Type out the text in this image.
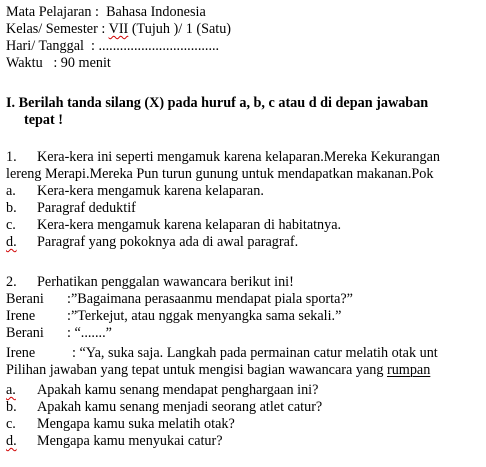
Mata Pelajaran :  Bahasa Indonesia
Kelas/ Semester : VII (Tujuh )/ 1 (Satu)
Hari/ Tanggal  : ..................................
Waktu   : 90 menit
I. Berilah tanda silang (X) pada huruf a, b, c atau d di depan jawaban
tepat !
1. Kera-kera ini seperti mengamuk karena kelaparan.Mereka Kekurangan
lereng Merapi.Mereka Pun turun gunung untuk mendapatkan makanan.Pok
a. Kera-kera mengamuk karena kelaparan.
b. Paragraf deduktif
c. Kera-kera mengamuk karena kelaparan di habitatnya.
d. Paragraf yang pokoknya ada di awal paragraf.
2. Perhatikan penggalan wawancara berikut ini!
Berani :”Bagaimana perasaanmu mendapat piala sporta?”
Irene :”Terkejut, atau nggak menyangka sama sekali.”
Berani : “.......”
Irene	: “Ya, suka saja. Langkah pada permainan catur melatih otak unt
Pilihan jawaban yang tepat untuk mengisi bagian wawancara yang rumpan
a. Apakah kamu senang mendapat penghargaan ini?
b. Apakah kamu senang menjadi seorang atlet catur?
c. Mengapa kamu suka melatih otak?
d. Mengapa kamu menyukai catur?
